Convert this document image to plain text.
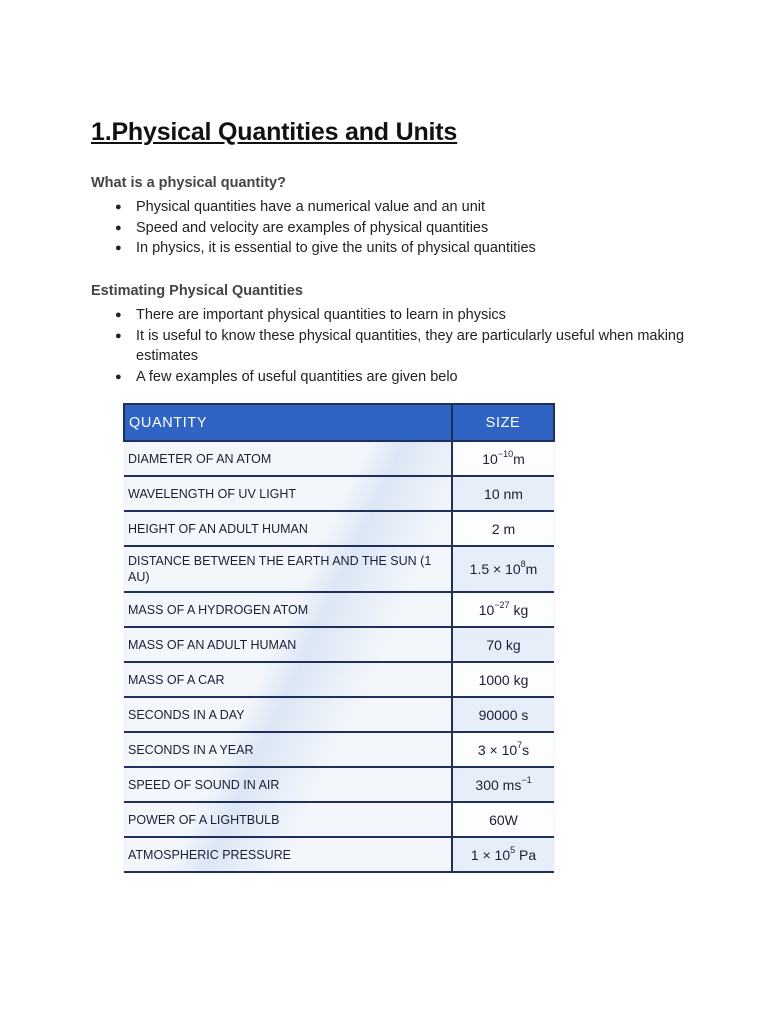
1.Physical Quantities and Units
What is a physical quantity?
● Physical quantities have a numerical value and an unit
● Speed and velocity are examples of physical quantities
● In physics, it is essential to give the units of physical quantities
Estimating Physical Quantities
● There are important physical quantities to learn in physics
● It is useful to know these physical quantities, they are particularly useful when making estimates
● A few examples of useful quantities are given belo
QUANTITY	SIZE
DIAMETER OF AN ATOM	$10^{-10}m$
WAVELENGTH OF UV LIGHT	10 nm
HEIGHT OF AN ADULT HUMAN	2 m
DISTANCE BETWEEN THE EARTH AND THE SUN (1 AU)	$1.5 \times 10^8m$
MASS OF A HYDROGEN ATOM	$10^{-27}$ kg
MASS OF AN ADULT HUMAN	70 kg
MASS OF A CAR	1000 kg
SECONDS IN A DAY	90000 s
SECONDS IN A YEAR	$3 \times 10^7s$
SPEED OF SOUND IN AIR	300 $ms^{-1}$
POWER OF A LIGHTBULB	60W
ATMOSPHERIC PRESSURE	$1 \times 10^5$ Pa
